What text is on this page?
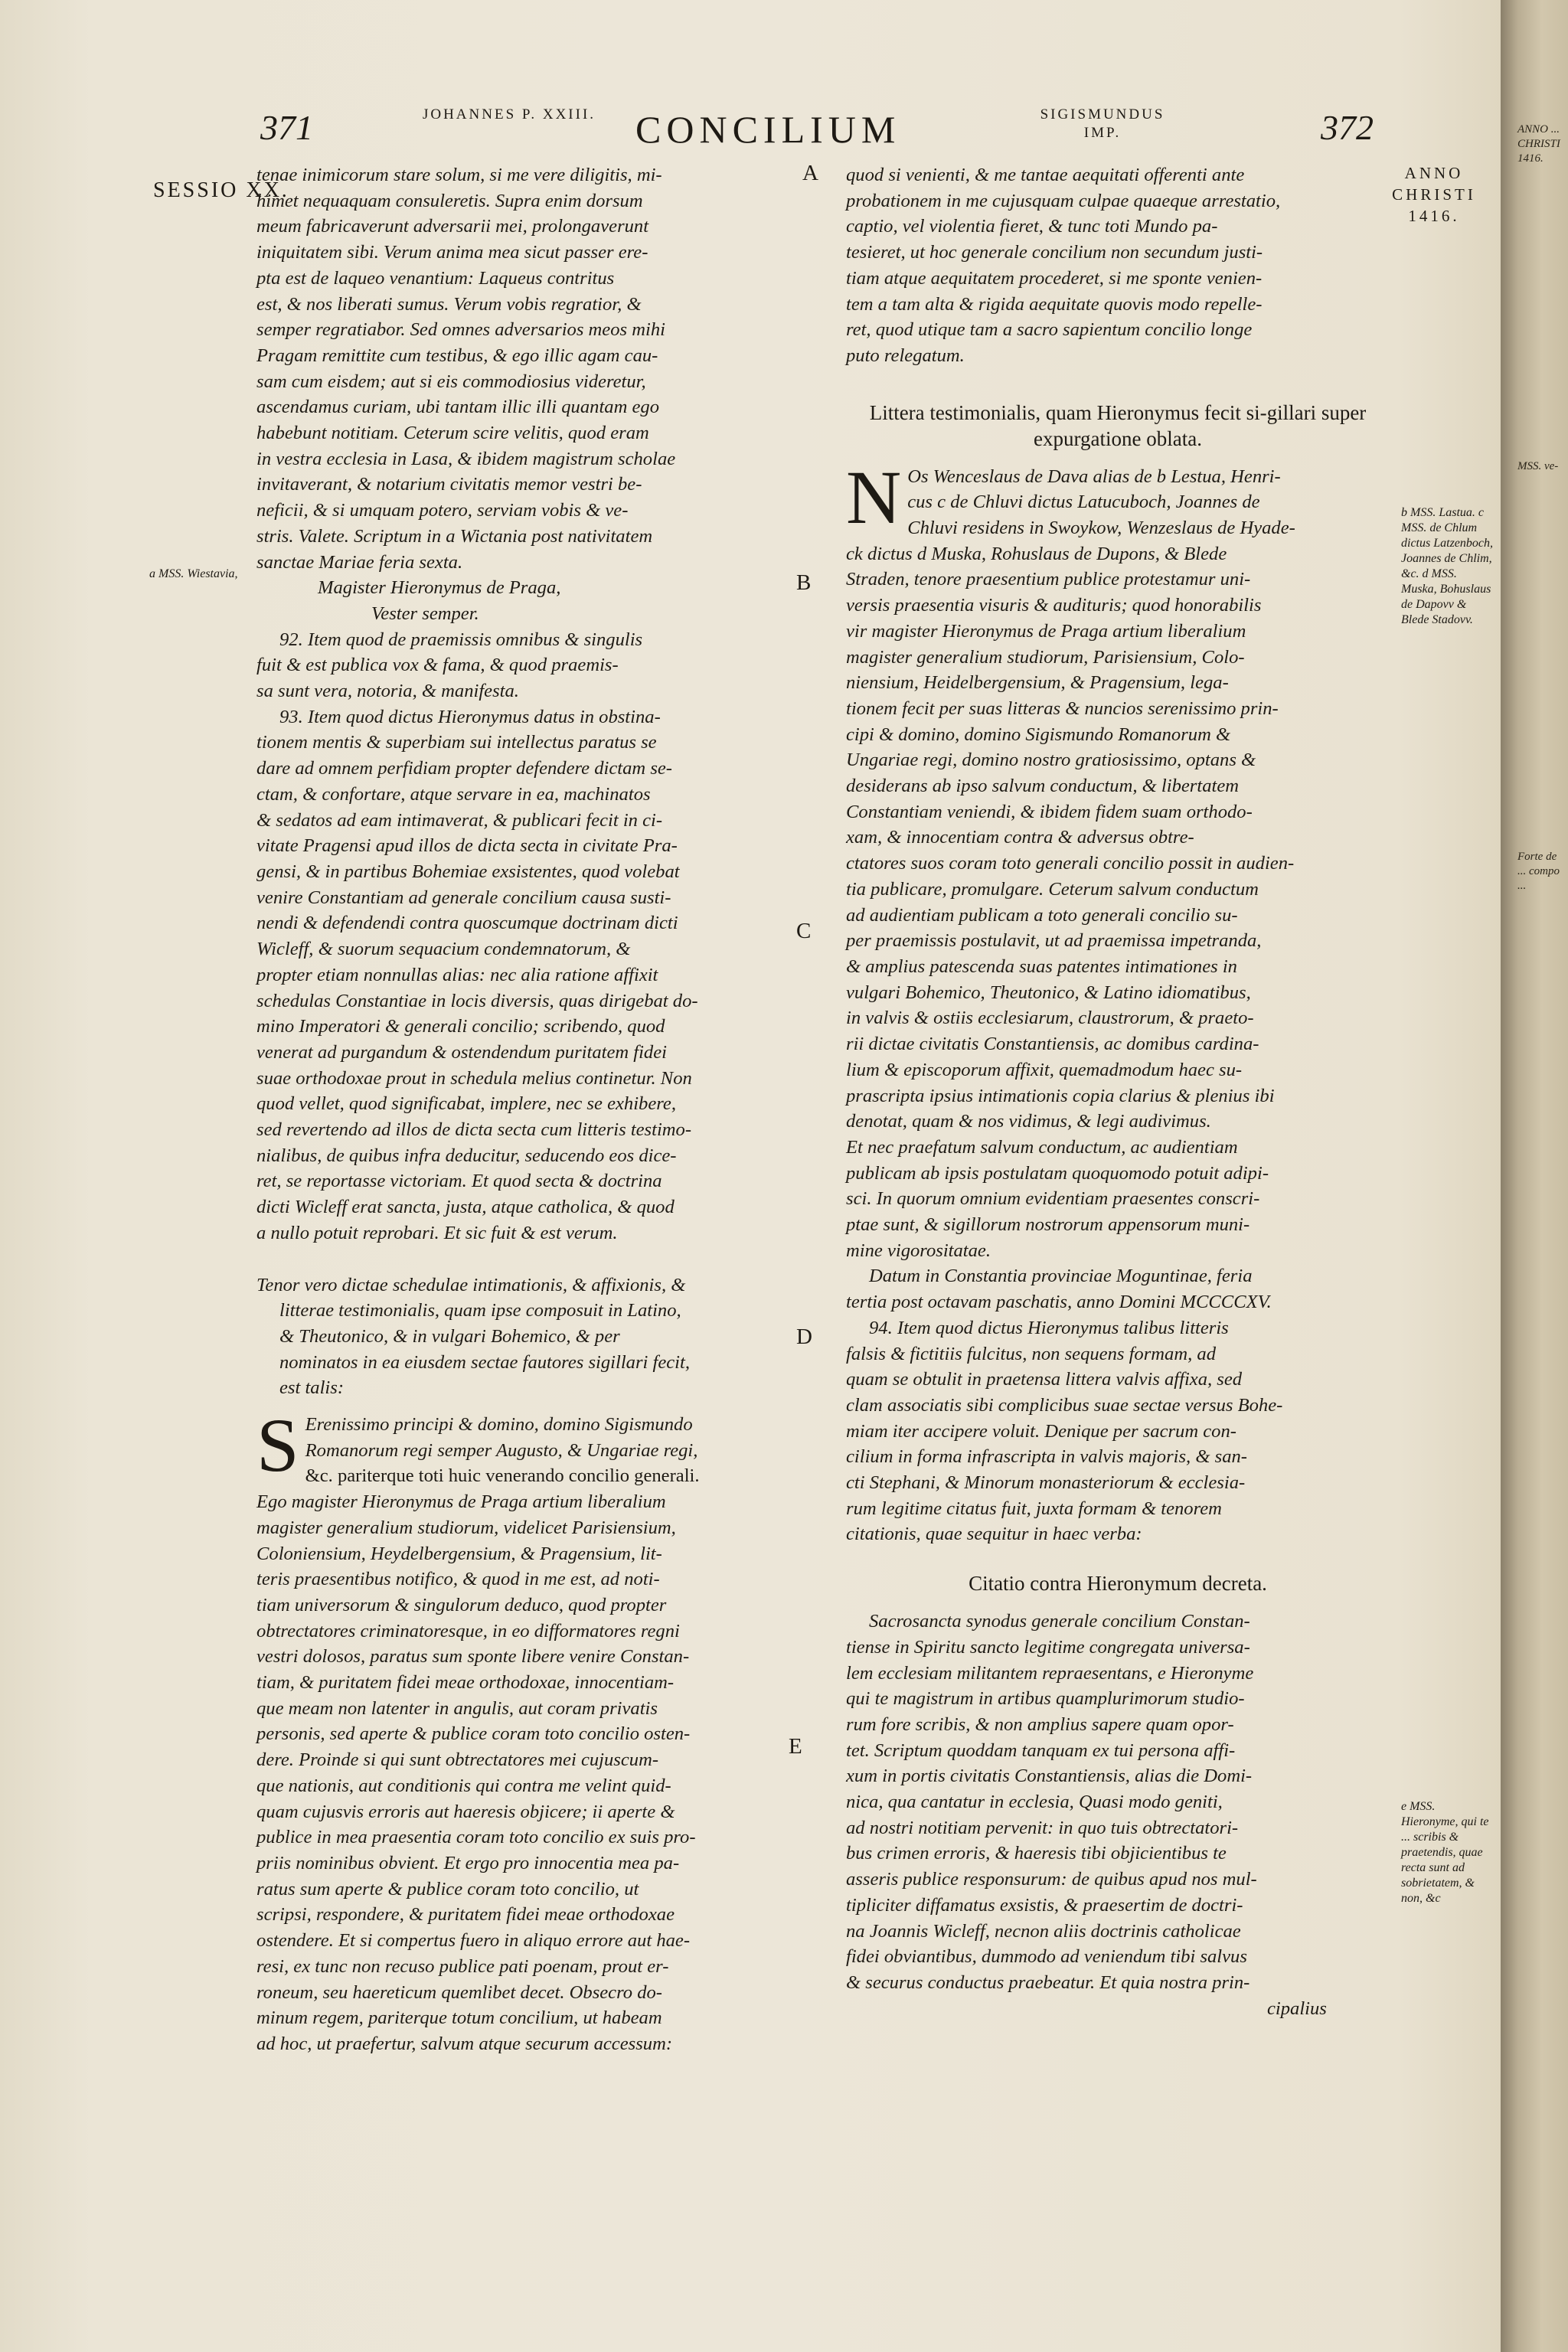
371	JOHANNES P. XXIII. CONCILIUM	SIGISMUNDUS IMP.	372
SESSIO XX.
ANNO CHRISTI 1416.
A
B
C
D
E
a MSS. Wiestavia,
b MSS. Lastua. c MSS. de Chlum dictus Latzenboch, Joannes de Chlim, &c. d MSS. Muska, Bohuslaus de Dapovv & Blede Stadovv.
e MSS. Hieronyme, qui te ... scribis & praetendis, quae recta sunt ad sobrietatem, & non, &c
tenae inimicorum stare solum, si me vere diligitis, mi-
himet nequaquam consuleretis. Supra enim dorsum
meum fabricaverunt adversarii mei, prolongaverunt
iniquitatem sibi. Verum anima mea sicut passer ere-
pta est de laqueo venantium: Laqueus contritus
est, & nos liberati sumus. Verum vobis regratior, &
semper regratiabor. Sed omnes adversarios meos mihi
Pragam remittite cum testibus, & ego illic agam cau-
sam cum eisdem; aut si eis commodiosius videretur,
ascendamus curiam, ubi tantam illic illi quantam ego
habebunt notitiam. Ceterum scire velitis, quod eram
in vestra ecclesia in Lasa, & ibidem magistrum scholae
invitaverant, & notarium civitatis memor vestri be-
neficii, & si umquam potero, serviam vobis & ve-
stris. Valete. Scriptum in a Wictania post nativitatem
sanctae Mariae feria sexta.
Magister Hieronymus de Praga,
Vester semper.
92. Item quod de praemissis omnibus & singulis
fuit & est publica vox & fama, & quod praemis-
sa sunt vera, notoria, & manifesta.
93. Item quod dictus Hieronymus datus in obstina-
tionem mentis & superbiam sui intellectus paratus se
dare ad omnem perfidiam propter defendere dictam se-
ctam, & confortare, atque servare in ea, machinatos
& sedatos ad eam intimaverat, & publicari fecit in ci-
vitate Pragensi apud illos de dicta secta in civitate Pra-
gensi, & in partibus Bohemiae exsistentes, quod volebat
venire Constantiam ad generale concilium causa susti-
nendi & defendendi contra quoscumque doctrinam dicti
Wicleff, & suorum sequacium condemnatorum, &
propter etiam nonnullas alias: nec alia ratione affixit
schedulas Constantiae in locis diversis, quas dirigebat do-
mino Imperatori & generali concilio; scribendo, quod
venerat ad purgandum & ostendendum puritatem fidei
suae orthodoxae prout in schedula melius continetur. Non
quod vellet, quod significabat, implere, nec se exhibere,
sed revertendo ad illos de dicta secta cum litteris testimo-
nialibus, de quibus infra deducitur, seducendo eos dice-
ret, se reportasse victoriam. Et quod secta & doctrina
dicti Wicleff erat sancta, justa, atque catholica, & quod
a nullo potuit reprobari. Et sic fuit & est verum.
Tenor vero dictae schedulae intimationis, & affixionis, &
litterae testimonialis, quam ipse composuit in Latino,
& Theutonico, & in vulgari Bohemico, & per
nominatos in ea eiusdem sectae fautores sigillari fecit,
est talis:
S Erenissimo principi & domino, domino Sigismundo
Romanorum regi semper Augusto, & Ungariae regi,
&c. pariterque toti huic venerando concilio generali.
Ego magister Hieronymus de Praga artium liberalium
magister generalium studiorum, videlicet Parisiensium,
Coloniensium, Heydelbergensium, & Pragensium, lit-
teris praesentibus notifico, & quod in me est, ad noti-
tiam universorum & singulorum deduco, quod propter
obtrectatores criminatoresque, in eo difformatores regni
vestri dolosos, paratus sum sponte libere venire Constan-
tiam, & puritatem fidei meae orthodoxae, innocentiam-
que meam non latenter in angulis, aut coram privatis
personis, sed aperte & publice coram toto concilio osten-
dere. Proinde si qui sunt obtrectatores mei cujuscum-
que nationis, aut conditionis qui contra me velint quid-
quam cujusvis erroris aut haeresis objicere; ii aperte &
publice in mea praesentia coram toto concilio ex suis pro-
priis nominibus obvient. Et ergo pro innocentia mea pa-
ratus sum aperte & publice coram toto concilio, ut
scripsi, respondere, & puritatem fidei meae orthodoxae
ostendere. Et si compertus fuero in aliquo errore aut hae-
resi, ex tunc non recuso publice pati poenam, prout er-
roneum, seu haereticum quemlibet decet. Obsecro do-
minum regem, pariterque totum concilium, ut habeam
ad hoc, ut praefertur, salvum atque securum accessum:
quod si venienti, & me tantae aequitati offerenti ante
probationem in me cujusquam culpae quaeque arrestatio,
captio, vel violentia fieret, & tunc toti Mundo pa-
tesieret, ut hoc generale concilium non secundum justi-
tiam atque aequitatem procederet, si me sponte venien-
tem a tam alta & rigida aequitate quovis modo repelle-
ret, quod utique tam a sacro sapientum concilio longe
puto relegatum.
Littera testimonialis, quam Hieronymus fecit si-gillari super expurgatione oblata.
N Os Wenceslaus de Dava alias de b Lestua, Henri-
cus c de Chluvi dictus Latucuboch, Joannes de
Chluvi residens in Swoykow, Wenzeslaus de Hyade-
ck dictus d Muska, Rohuslaus de Dupons, & Blede
Straden, tenore praesentium publice protestamur uni-
versis praesentia visuris & audituris; quod honorabilis
vir magister Hieronymus de Praga artium liberalium
magister generalium studiorum, Parisiensium, Colo-
niensium, Heidelbergensium, & Pragensium, lega-
tionem fecit per suas litteras & nuncios serenissimo prin-
cipi & domino, domino Sigismundo Romanorum &
Ungariae regi, domino nostro gratiosissimo, optans &
desiderans ab ipso salvum conductum, & libertatem
Constantiam veniendi, & ibidem fidem suam orthodo-
xam, & innocentiam contra & adversus obtre-
ctatores suos coram toto generali concilio possit in audien-
tia publicare, promulgare. Ceterum salvum conductum
ad audientiam publicam a toto generali concilio su-
per praemissis postulavit, ut ad praemissa impetranda,
& amplius patescenda suas patentes intimationes in
vulgari Bohemico, Theutonico, & Latino idiomatibus,
in valvis & ostiis ecclesiarum, claustrorum, & praeto-
rii dictae civitatis Constantiensis, ac domibus cardina-
lium & episcoporum affixit, quemadmodum haec su-
prascripta ipsius intimationis copia clarius & plenius ibi
denotat, quam & nos vidimus, & legi audivimus.
Et nec praefatum salvum conductum, ac audientiam
publicam ab ipsis postulatam quoquomodo potuit adipi-
sci. In quorum omnium evidentiam praesentes conscri-
ptae sunt, & sigillorum nostrorum appensorum muni-
mine vigorositatae.
Datum in Constantia provinciae Moguntinae, feria
tertia post octavam paschatis, anno Domini MCCCCXV.
94. Item quod dictus Hieronymus talibus litteris
falsis & fictitiis fulcitus, non sequens formam, ad
quam se obtulit in praetensa littera valvis affixa, sed
clam associatis sibi complicibus suae sectae versus Bohe-
miam iter accipere voluit. Denique per sacrum con-
cilium in forma infrascripta in valvis majoris, & san-
cti Stephani, & Minorum monasteriorum & ecclesia-
rum legitime citatus fuit, juxta formam & tenorem
citationis, quae sequitur in haec verba:
Citatio contra Hieronymum decreta.
Sacrosancta synodus generale concilium Constan-
tiense in Spiritu sancto legitime congregata universa-
lem ecclesiam militantem repraesentans, e Hieronyme
qui te magistrum in artibus quamplurimorum studio-
rum fore scribis, & non amplius sapere quam opor-
tet. Scriptum quoddam tanquam ex tui persona affi-
xum in portis civitatis Constantiensis, alias die Domi-
nica, qua cantatur in ecclesia, Quasi modo geniti,
ad nostri notitiam pervenit: in quo tuis obtrectatori-
bus crimen erroris, & haeresis tibi objicientibus te
asseris publice responsurum: de quibus apud nos mul-
tipliciter diffamatus exsistis, & praesertim de doctri-
na Joannis Wicleff, necnon aliis doctrinis catholicae
fidei obviantibus, dummodo ad veniendum tibi salvus
& securus conductus praebeatur. Et quia nostra prin-
cipalius
ANNO ... CHRISTI 1416.
MSS. ve-
Forte de ... compo ...
